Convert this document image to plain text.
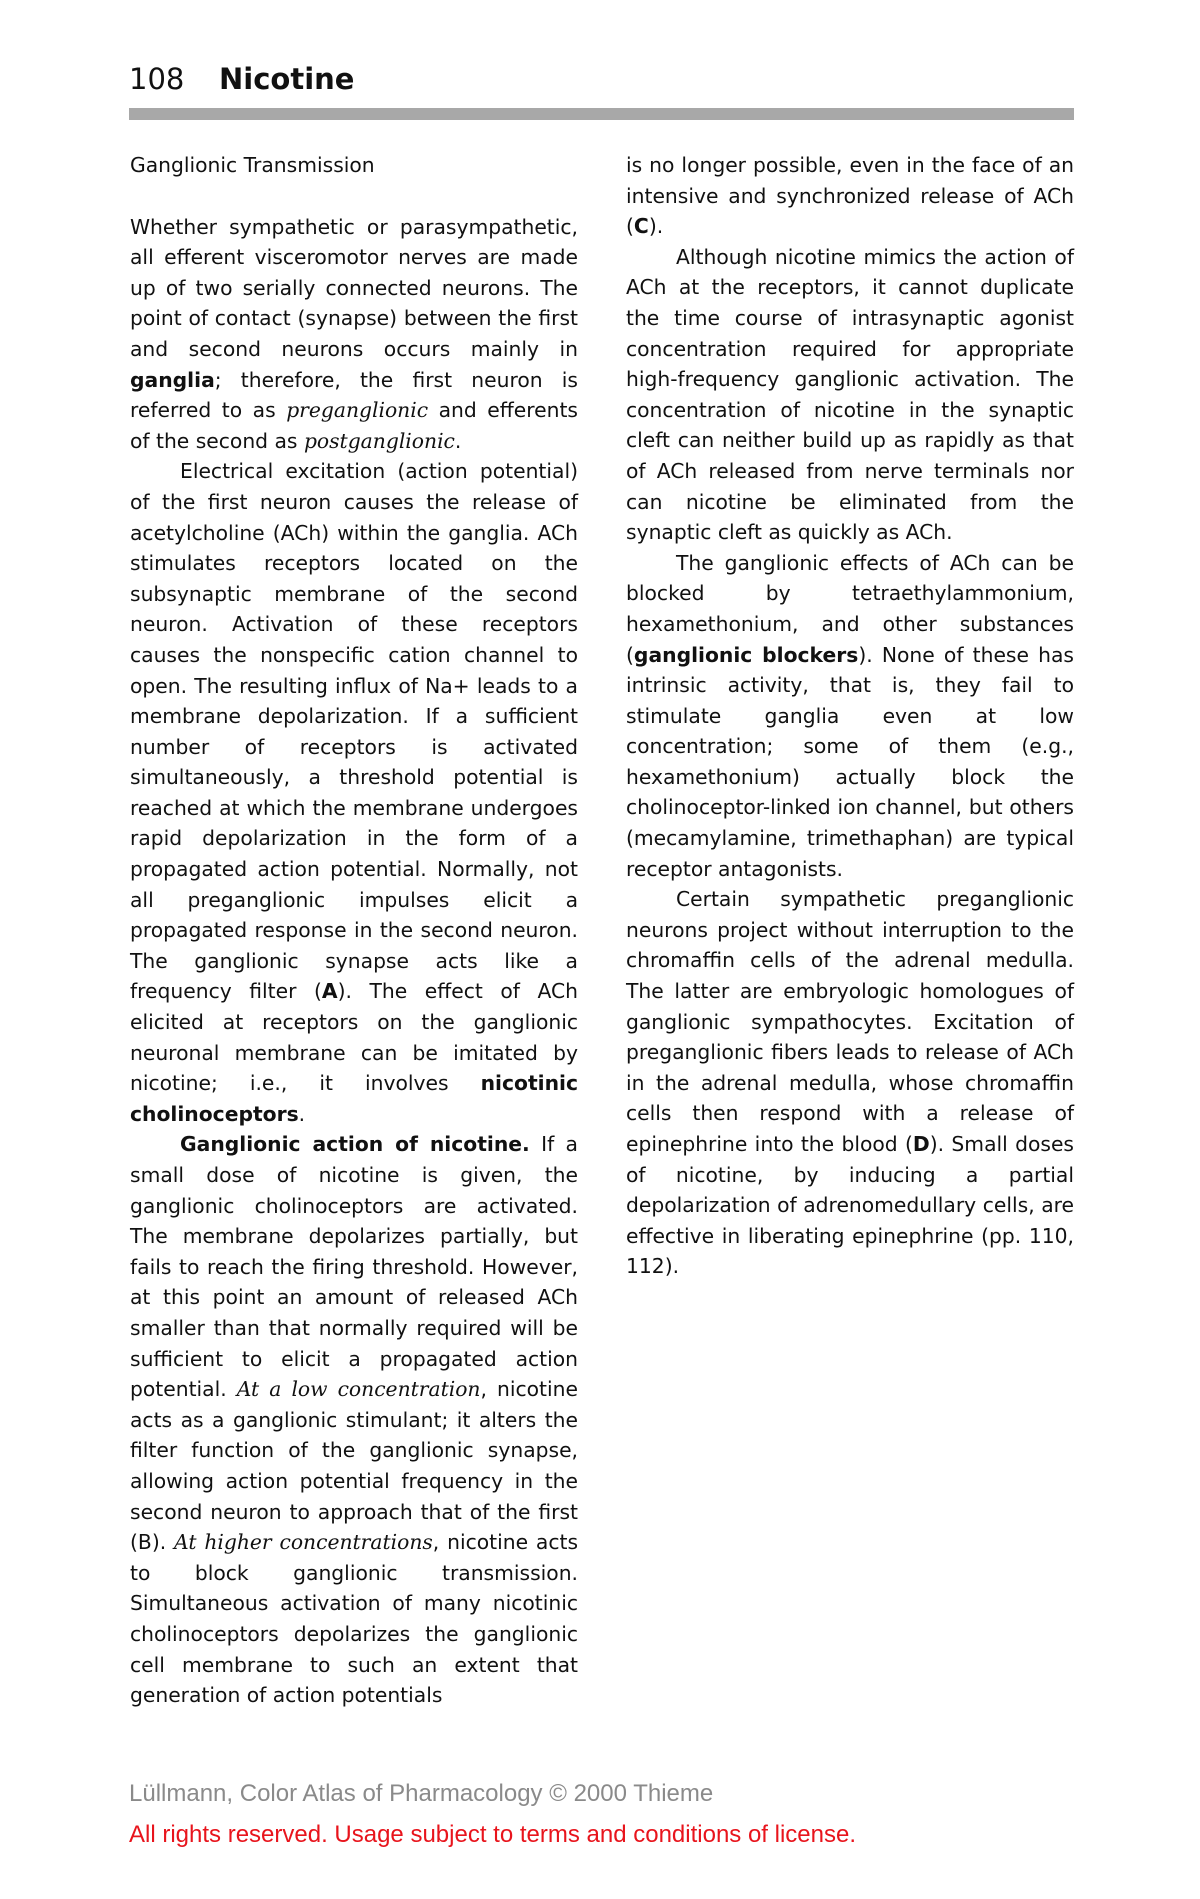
108 Nicotine
Ganglionic Transmission

Whether sympathetic or parasympathetic, all efferent visceromotor nerves are made up of two serially connected neurons. The point of contact (synapse) between the first and second neurons occurs mainly in ganglia; therefore, the first neuron is referred to as preganglionic and efferents of the second as postganglionic.

Electrical excitation (action potential) of the first neuron causes the release of acetylcholine (ACh) within the ganglia. ACh stimulates receptors located on the subsynaptic membrane of the second neuron. Activation of these receptors causes the nonspecific cation channel to open. The resulting influx of Na+ leads to a membrane depolarization. If a sufficient number of receptors is activated simultaneously, a threshold potential is reached at which the membrane undergoes rapid depolarization in the form of a propagated action potential. Normally, not all preganglionic impulses elicit a propagated response in the second neuron. The ganglionic synapse acts like a frequency filter (A). The effect of ACh elicited at receptors on the ganglionic neuronal membrane can be imitated by nicotine; i.e., it involves nicotinic cholinoceptors.

Ganglionic action of nicotine. If a small dose of nicotine is given, the ganglionic cholinoceptors are activated. The membrane depolarizes partially, but fails to reach the firing threshold. However, at this point an amount of released ACh smaller than that normally required will be sufficient to elicit a propagated action potential. At a low concentration, nicotine acts as a ganglionic stimulant; it alters the filter function of the ganglionic synapse, allowing action potential frequency in the second neuron to approach that of the first (B). At higher concentrations, nicotine acts to block ganglionic transmission. Simultaneous activation of many nicotinic cholinoceptors depolarizes the ganglionic cell membrane to such an extent that generation of action potentials

is no longer possible, even in the face of an intensive and synchronized release of ACh (C).

Although nicotine mimics the action of ACh at the receptors, it cannot duplicate the time course of intrasynaptic agonist concentration required for appropriate high-frequency ganglionic activation. The concentration of nicotine in the synaptic cleft can neither build up as rapidly as that of ACh released from nerve terminals nor can nicotine be eliminated from the synaptic cleft as quickly as ACh.

The ganglionic effects of ACh can be blocked by tetraethylammonium, hexamethonium, and other substances (ganglionic blockers). None of these has intrinsic activity, that is, they fail to stimulate ganglia even at low concentration; some of them (e.g., hexamethonium) actually block the cholinoceptor-linked ion channel, but others (mecamylamine, trimethaphan) are typical receptor antagonists.

Certain sympathetic preganglionic neurons project without interruption to the chromaffin cells of the adrenal medulla. The latter are embryologic homologues of ganglionic sympathocytes. Excitation of preganglionic fibers leads to release of ACh in the adrenal medulla, whose chromaffin cells then respond with a release of epinephrine into the blood (D). Small doses of nicotine, by inducing a partial depolarization of adrenomedullary cells, are effective in liberating epinephrine (pp. 110, 112).

Lüllmann, Color Atlas of Pharmacology © 2000 Thieme
All rights reserved. Usage subject to terms and conditions of license.
